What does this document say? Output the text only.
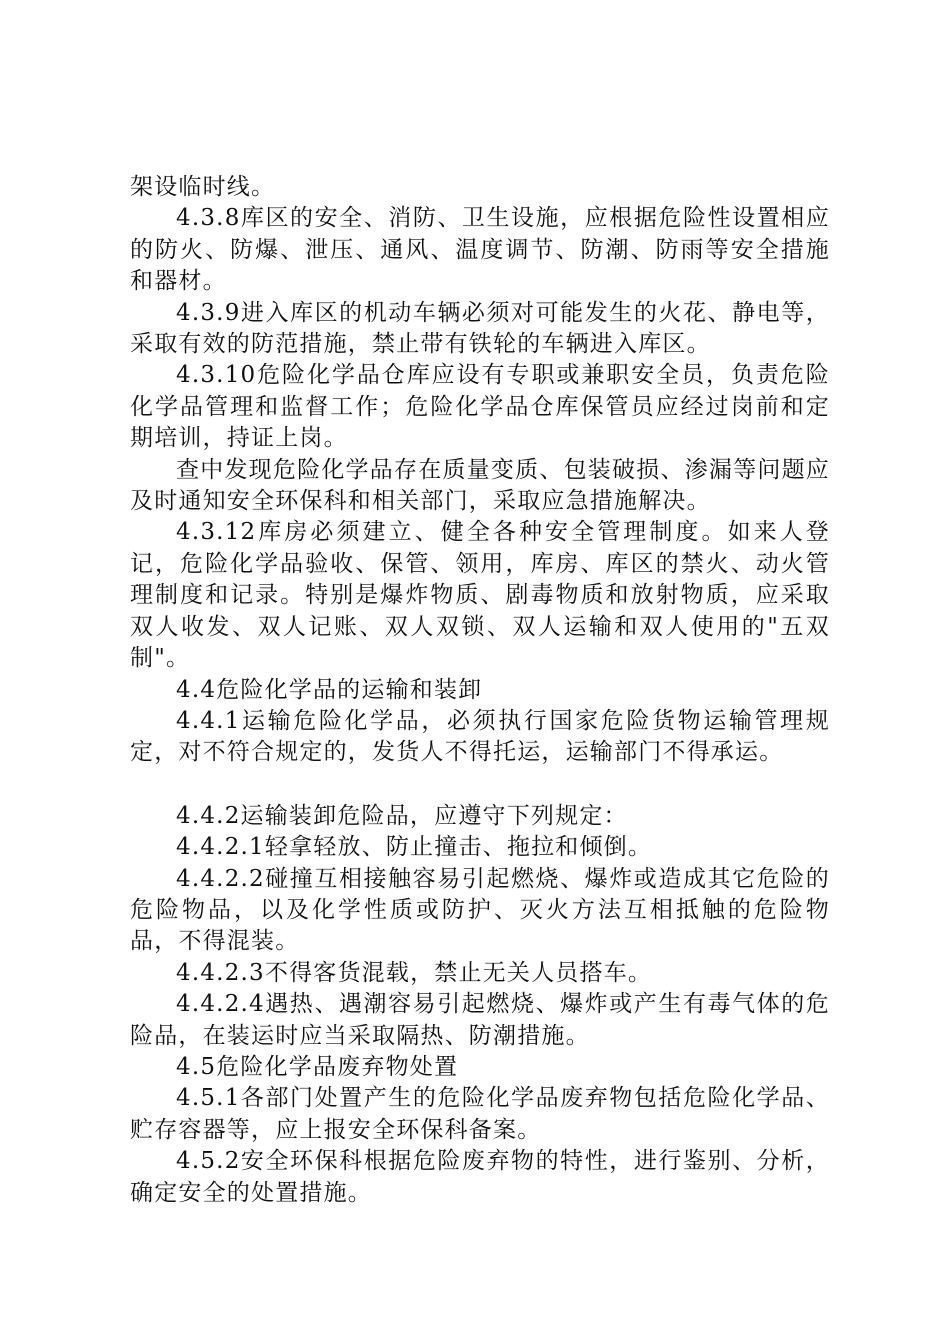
架设临时线。

4.3.8库区的安全、消防、卫生设施，应根据危险性设置相应的防火、防爆、泄压、通风、温度调节、防潮、防雨等安全措施和器材。

4.3.9进入库区的机动车辆必须对可能发生的火花、静电等，采取有效的防范措施，禁止带有铁轮的车辆进入库区。

4.3.10危险化学品仓库应设有专职或兼职安全员，负责危险化学品管理和监督工作；危险化学品仓库保管员应经过岗前和定期培训，持证上岗。

查中发现危险化学品存在质量变质、包装破损、渗漏等问题应及时通知安全环保科和相关部门，采取应急措施解决。

4.3.12库房必须建立、健全各种安全管理制度。如来人登记，危险化学品验收、保管、领用，库房、库区的禁火、动火管理制度和记录。特别是爆炸物质、剧毒物质和放射物质，应采取双人收发、双人记账、双人双锁、双人运输和双人使用的"五双制"。

4.4危险化学品的运输和装卸

4.4.1运输危险化学品，必须执行国家危险货物运输管理规定，对不符合规定的，发货人不得托运，运输部门不得承运。

4.4.2运输装卸危险品，应遵守下列规定：

4.4.2.1轻拿轻放、防止撞击、拖拉和倾倒。

4.4.2.2碰撞互相接触容易引起燃烧、爆炸或造成其它危险的危险物品，以及化学性质或防护、灭火方法互相抵触的危险物品，不得混装。

4.4.2.3不得客货混载，禁止无关人员搭车。

4.4.2.4遇热、遇潮容易引起燃烧、爆炸或产生有毒气体的危险品，在装运时应当采取隔热、防潮措施。

4.5危险化学品废弃物处置

4.5.1各部门处置产生的危险化学品废弃物包括危险化学品、贮存容器等，应上报安全环保科备案。

4.5.2安全环保科根据危险废弃物的特性，进行鉴别、分析，确定安全的处置措施。
